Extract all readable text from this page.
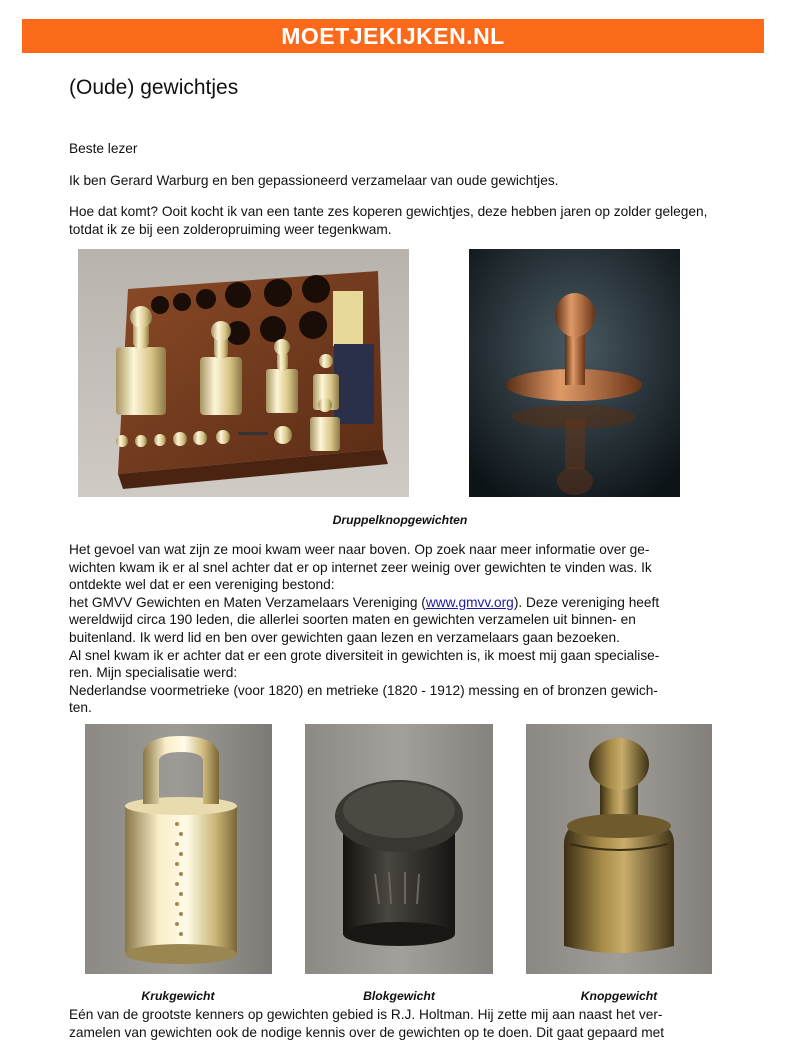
MOETJEKIJKEN.NL
(Oude) gewichtjes

Beste lezer

Ik ben Gerard Warburg en ben gepassioneerd verzamelaar van oude gewichtjes.

Hoe dat komt? Ooit kocht ik van een tante zes koperen gewichtjes, deze hebben jaren op zolder gelegen, totdat ik ze bij een zolderopruiming weer tegenkwam.

Druppelknopgewichten

Het gevoel van wat zijn ze mooi kwam weer naar boven. Op zoek naar meer informatie over ge-
wichten kwam ik er al snel achter dat er op internet zeer weinig over gewichten te vinden was. Ik
ontdekte wel dat er een vereniging bestond:
het GMVV Gewichten en Maten Verzamelaars Vereniging (www.gmvv.org). Deze vereniging heeft
wereldwijd circa 190 leden, die allerlei soorten maten en gewichten verzamelen uit binnen- en
buitenland. Ik werd lid en ben over gewichten gaan lezen en verzamelaars gaan bezoeken.
Al snel kwam ik er achter dat er een grote diversiteit in gewichten is, ik moest mij gaan specialise-
ren. Mijn specialisatie werd:
Nederlandse voormetrieke (voor 1820) en metrieke (1820 - 1912) messing en of bronzen gewich-
ten.

Krukgewicht	Blokgewicht	Knopgewicht

Eén van de grootste kenners op gewichten gebied is R.J. Holtman. Hij zette mij aan naast het ver-
zamelen van gewichten ook de nodige kennis over de gewichten op te doen. Dit gaat gepaard met
